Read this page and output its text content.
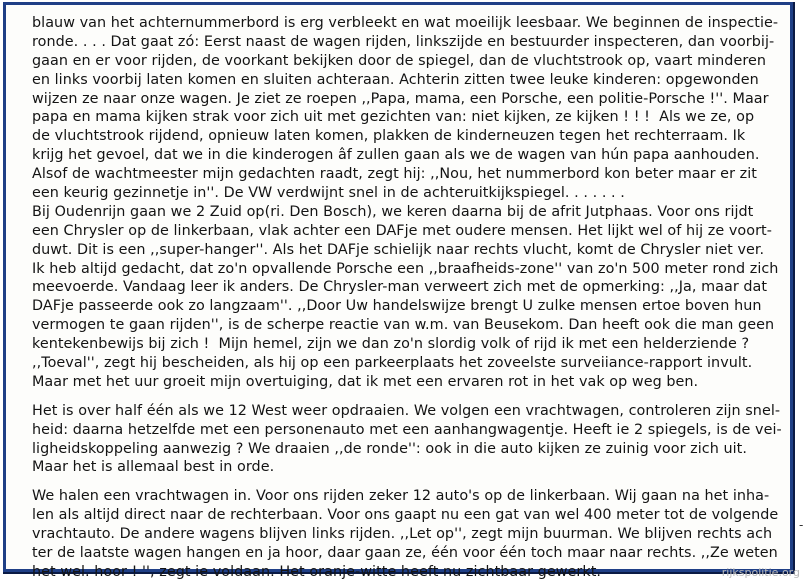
blauw van het achternummerbord is erg verbleekt en wat moeilijk leesbaar. We beginnen de inspectie-
ronde. . . . Dat gaat zó: Eerst naast de wagen rijden, linkszijde en bestuurder inspecteren, dan voorbij-
gaan en er voor rijden, de voorkant bekijken door de spiegel, dan de vluchtstrook op, vaart minderen
en links voorbij laten komen en sluiten achteraan. Achterin zitten twee leuke kinderen: opgewonden
wijzen ze naar onze wagen. Je ziet ze roepen ,,Papa, mama, een Porsche, een politie-Porsche !''. Maar
papa en mama kijken strak voor zich uit met gezichten van: niet kijken, ze kijken ! ! !  Als we ze, op
de vluchtstrook rijdend, opnieuw laten komen, plakken de kinderneuzen tegen het rechterraam. Ik
krijg het gevoel, dat we in die kinderogen âf zullen gaan als we de wagen van hún papa aanhouden.
Alsof de wachtmeester mijn gedachten raadt, zegt hij: ,,Nou, het nummerbord kon beter maar er zit
een keurig gezinnetje in''. De VW verdwijnt snel in de achteruitkijkspiegel. . . . . . .
Bij Oudenrijn gaan we 2 Zuid op(ri. Den Bosch), we keren daarna bij de afrit Jutphaas. Voor ons rijdt
een Chrysler op de linkerbaan, vlak achter een DAFje met oudere mensen. Het lijkt wel of hij ze voort-
duwt. Dit is een ,,super-hanger''. Als het DAFje schielijk naar rechts vlucht, komt de Chrysler niet ver.
Ik heb altijd gedacht, dat zo'n opvallende Porsche een ,,braafheids-zone'' van zo'n 500 meter rond zich
meevoerde. Vandaag leer ik anders. De Chrysler-man verweert zich met de opmerking: ,,Ja, maar dat
DAFje passeerde ook zo langzaam''. ,,Door Uw handelswijze brengt U zulke mensen ertoe boven hun
vermogen te gaan rijden'', is de scherpe reactie van w.m. van Beusekom. Dan heeft ook die man geen
kentekenbewijs bij zich !  Mijn hemel, zijn we dan zo'n slordig volk of rijd ik met een helderziende ?
,,Toeval'', zegt hij bescheiden, als hij op een parkeerplaats het zoveelste surveiiance-rapport invult.
Maar met het uur groeit mijn overtuiging, dat ik met een ervaren rot in het vak op weg ben.
Het is over half één als we 12 West weer opdraaien. We volgen een vrachtwagen, controleren zijn snel-
heid: daarna hetzelfde met een personenauto met een aanhangwagentje. Heeft ie 2 spiegels, is de vei-
ligheidskoppeling aanwezig ? We draaien ,,de ronde'': ook in die auto kijken ze zuinig voor zich uit.
Maar het is allemaal best in orde.
We halen een vrachtwagen in. Voor ons rijden zeker 12 auto's op de linkerbaan. Wij gaan na het inha-
len als altijd direct naar de rechterbaan. Voor ons gaapt nu een gat van wel 400 meter tot de volgende
vrachtauto. De andere wagens blijven links rijden. ,,Let op'', zegt mijn buurman. We blijven rechts ach
ter de laatste wagen hangen en ja hoor, daar gaan ze, één voor één toch maar naar rechts. ,,Ze weten
het wel. hoor ! '', zegt ie voldaan. Het oranje-witte heeft nu zichtbaar gewerkt.
-
rijkspolitie.org
